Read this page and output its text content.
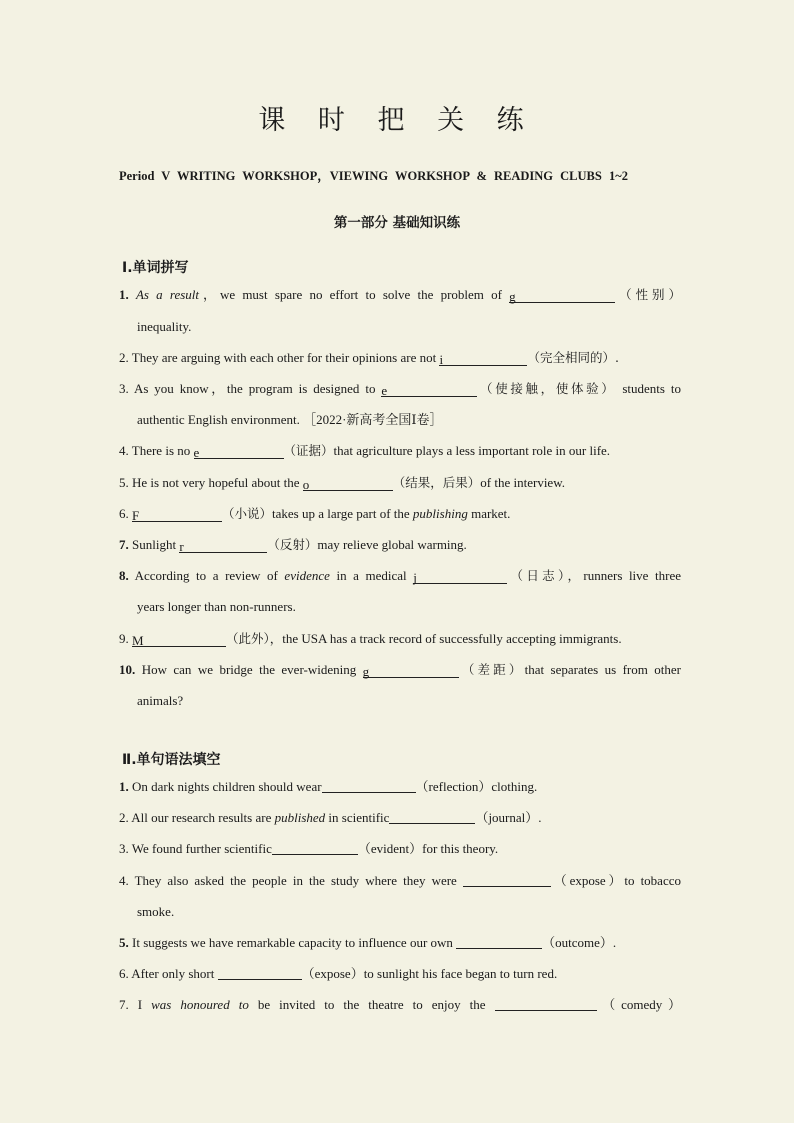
课 时 把 关 练
Period V WRITING WORKSHOP，VIEWING WORKSHOP & READING CLUBS 1~2
第一部分 基础知识练
Ⅰ.单词拼写
1. As a result，we must spare no effort to solve the problem of g	（性别）
inequality.
2. They are arguing with each other for their opinions are not i	（完全相同的）.
3. As you know，the program is designed to e	（使接触，使体验） students to
authentic English environment. ［2022·新高考全国Ⅰ卷］
4. There is no e	（证据）that agriculture plays a less important role in our life.
5. He is not very hopeful about the o	（结果，后果）of the interview.
6. F	（小说）takes up a large part of the publishing market.
7. Sunlight r	（反射）may relieve global warming.
8. According to a review of evidence in a medical j	（日志），runners live three
years longer than non-runners.
9. M	（此外），the USA has a track record of successfully accepting immigrants.
10. How can we bridge the ever-widening g	（差距）that separates us from other
animals?
Ⅱ.单句语法填空
1. On dark nights children should wear	（reflection）clothing.
2. All our research results are published in scientific	（journal）.
3. We found further scientific	（evident）for this theory.
4. They also asked the people in the study where they were	（expose）to tobacco
smoke.
5. It suggests we have remarkable capacity to influence our own	（outcome）.
6. After only short	（expose）to sunlight his face began to turn red.
7. I was honoured to be invited to the theatre to enjoy the	（comedy）
